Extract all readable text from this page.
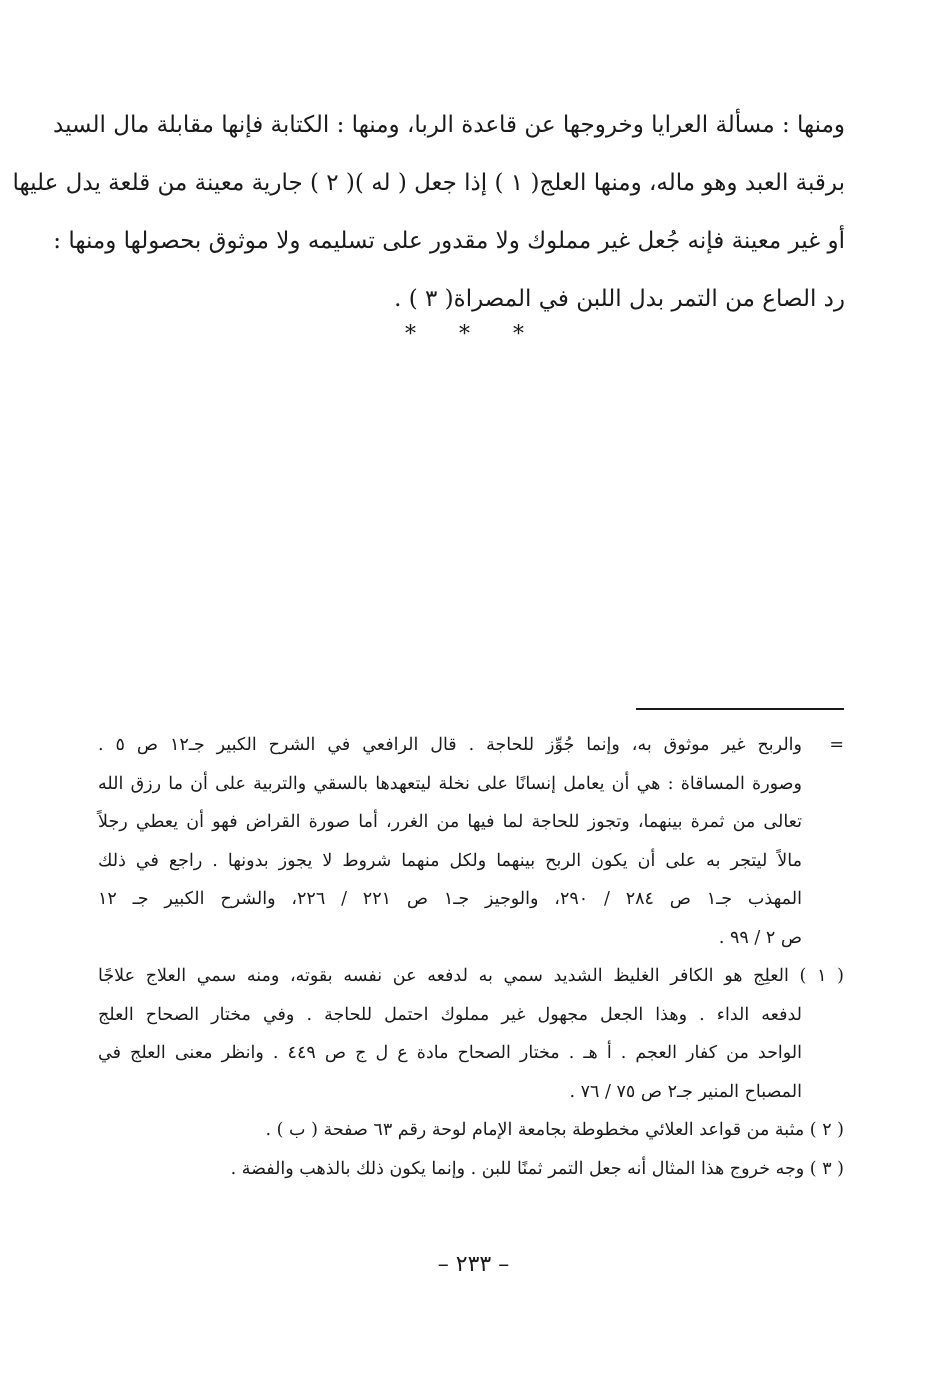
ومنها : مسألة العرايا وخروجها عن قاعدة الربا، ومنها : الكتابة فإنها مقابلة مال السيد
برقبة العبد وهو ماله، ومنها العلج( ١ ) إذا جعل ( له )( ٢ ) جارية معينة من قلعة يدل عليها
أو غير معينة فإنه جُعل غير مملوك ولا مقدور على تسليمه ولا موثوق بحصولها ومنها :
رد الصاع من التمر بدل اللبن في المصراة( ٣ ) .
* * *
=
والربح غير موثوق به، وإنما جُوِّز للحاجة . قال الرافعي في الشرح الكبير جـ١٢ ص ٥ .
وصورة المساقاة : هي أن يعامل إنسانًا على نخلة ليتعهدها بالسقي والتربية على أن ما رزق الله
تعالى من ثمرة بينهما، وتجوز للحاجة لما فيها من الغرر، أما صورة القراض فهو أن يعطي رجلاً
مالاً ليتجر به على أن يكون الربح بينهما ولكل منهما شروط لا يجوز بدونها . راجع في ذلك
المهذب جـ١ ص ٢٨٤ / ٢٩٠، والوجيز جـ١ ص ٢٢١ / ٢٢٦، والشرح الكبير جـ ١٢
ص ٢ / ٩٩ .
( ١ ) العلِج هو الكافر الغليظ الشديد سمي به لدفعه عن نفسه بقوته، ومنه سمي العلاج علاجًا
لدفعه الداء . وهذا الجعل مجهول غير مملوك احتمل للحاجة . وفي مختار الصحاح العلج
الواحد من كفار العجم . أ هـ . مختار الصحاح مادة ع ل ج ص ٤٤٩ . وانظر معنى العلج في
المصباح المنير جـ٢ ص ٧٥ / ٧٦ .
( ٢ ) مثبة من قواعد العلائي مخطوطة بجامعة الإمام لوحة رقم ٦٣ صفحة ( ب ) .
( ٣ ) وجه خروج هذا المثال أنه جعل التمر ثمنًا للبن . وإنما يكون ذلك بالذهب والفضة .
– ٢٣٣ –
